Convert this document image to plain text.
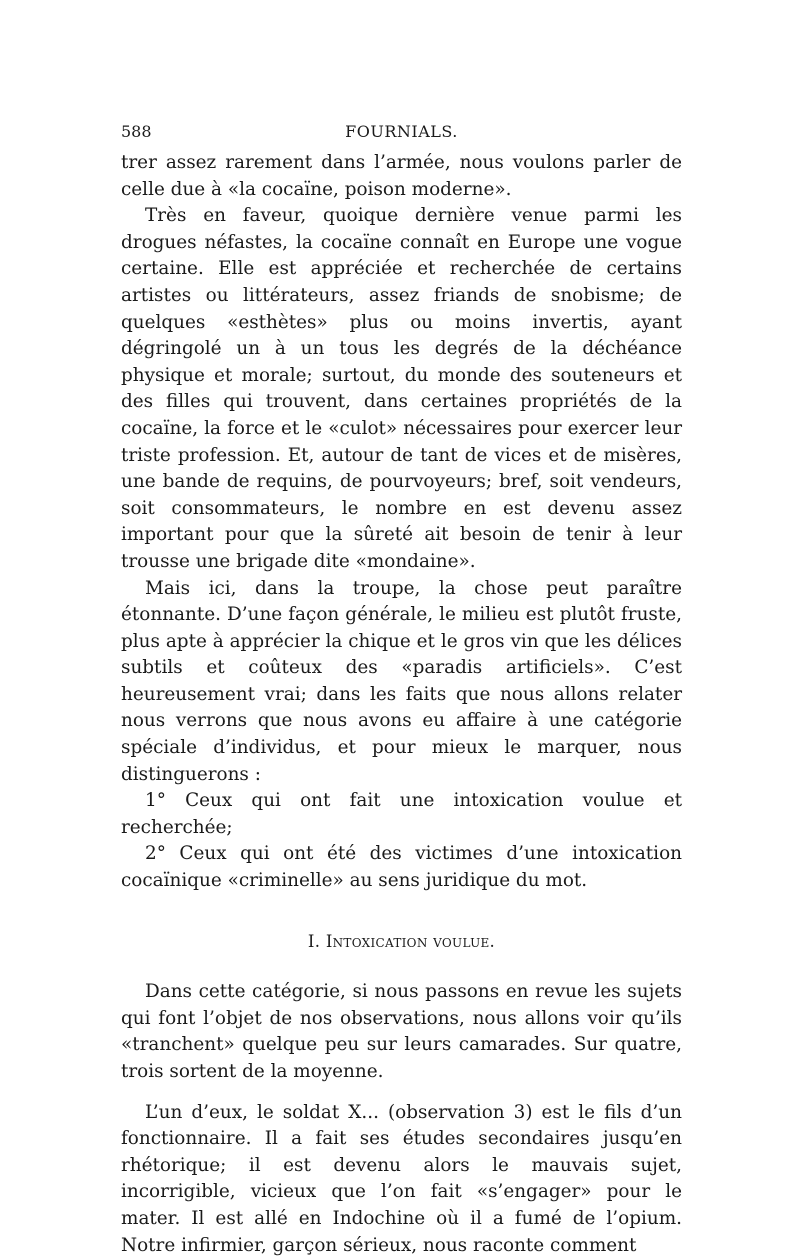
588	FOURNIALS.

trer assez rarement dans l’armée, nous voulons parler de celle due à «la cocaïne, poison moderne».

Très en faveur, quoique dernière venue parmi les drogues néfastes, la cocaïne connaît en Europe une vogue certaine. Elle est appréciée et recherchée de certains artistes ou littérateurs, assez friands de snobisme; de quelques «esthètes» plus ou moins invertis, ayant dégringolé un à un tous les degrés de la déchéance physique et morale; surtout, du monde des souteneurs et des filles qui trouvent, dans certaines propriétés de la cocaïne, la force et le «culot» nécessaires pour exercer leur triste profession. Et, autour de tant de vices et de misères, une bande de requins, de pourvoyeurs; bref, soit vendeurs, soit consommateurs, le nombre en est devenu assez important pour que la sûreté ait besoin de tenir à leur trousse une brigade dite «mondaine».

Mais ici, dans la troupe, la chose peut paraître étonnante. D’une façon générale, le milieu est plutôt fruste, plus apte à apprécier la chique et le gros vin que les délices subtils et coûteux des «paradis artificiels». C’est heureusement vrai; dans les faits que nous allons relater nous verrons que nous avons eu affaire à une catégorie spéciale d’individus, et pour mieux le marquer, nous distinguerons :

1° Ceux qui ont fait une intoxication voulue et recherchée;

2° Ceux qui ont été des victimes d’une intoxication cocaïnique «criminelle» au sens juridique du mot.

I. Intoxication voulue.

Dans cette catégorie, si nous passons en revue les sujets qui font l’objet de nos observations, nous allons voir qu’ils «tranchent» quelque peu sur leurs camarades. Sur quatre, trois sortent de la moyenne.

L’un d’eux, le soldat X... (observation 3) est le fils d’un fonctionnaire. Il a fait ses études secondaires jusqu’en rhétorique; il est devenu alors le mauvais sujet, incorrigible, vicieux que l’on fait «s’engager» pour le mater. Il est allé en Indochine où il a fumé de l’opium. Notre infirmier, garçon sérieux, nous raconte comment
